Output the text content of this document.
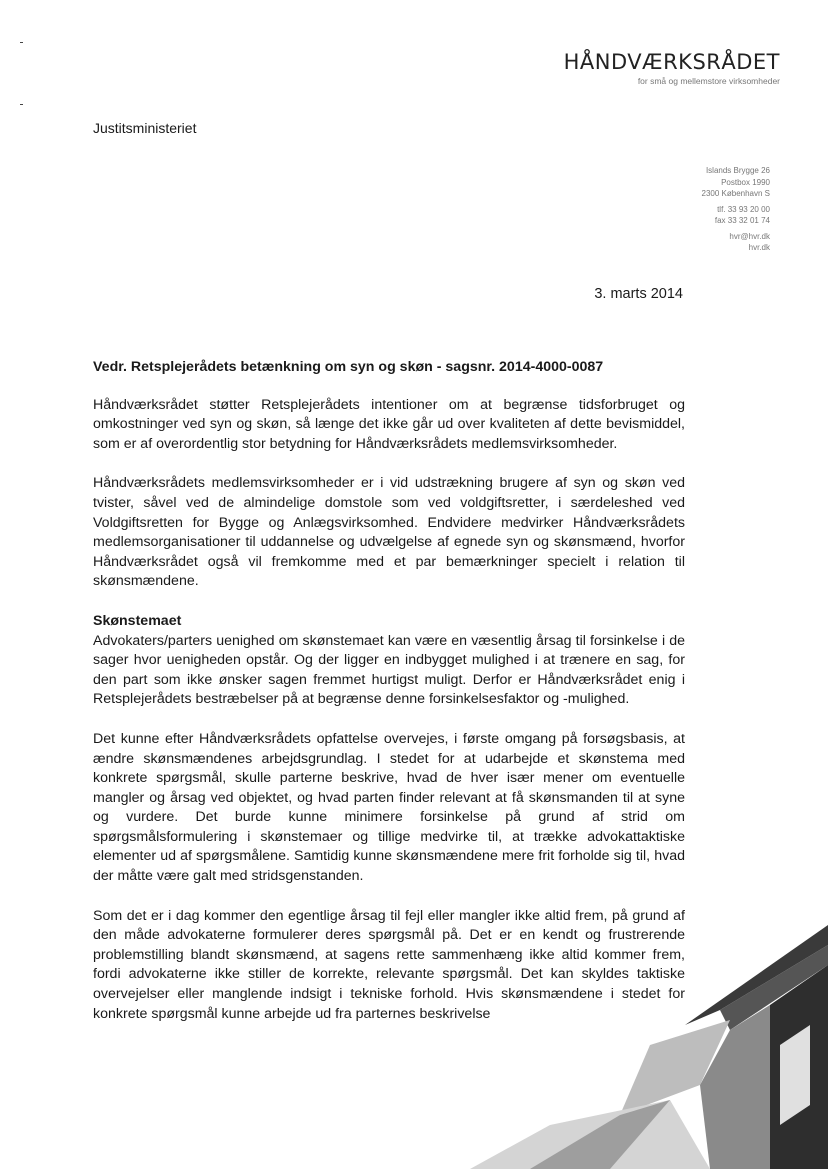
HÅNDVÆRKSRÅDET
for små og mellemstore virksomheder
Justitsministeriet
Islands Brygge 26
Postbox 1990
2300 København S
tlf. 33 93 20 00
fax 33 32 01 74
hvr@hvr.dk
hvr.dk
3. marts 2014
Vedr. Retsplejerådets betænkning om syn og skøn - sagsnr. 2014-4000-0087

Håndværksrådet støtter Retsplejerådets intentioner om at begrænse tidsforbruget og omkostninger ved syn og skøn, så længe det ikke går ud over kvaliteten af dette bevismiddel, som er af overordentlig stor betydning for Håndværksrådets medlemsvirksomheder.

Håndværksrådets medlemsvirksomheder er i vid udstrækning brugere af syn og skøn ved tvister, såvel ved de almindelige domstole som ved voldgiftsretter, i særdeleshed ved Voldgiftsretten for Bygge og Anlægsvirksomhed. Endvidere medvirker Håndværksrådets medlemsorganisationer til uddannelse og udvælgelse af egnede syn og skønsmænd, hvorfor Håndværksrådet også vil fremkomme med et par bemærkninger specielt i relation til skønsmændene.

Skønstemaet

Advokaters/parters uenighed om skønstemaet kan være en væsentlig årsag til forsinkelse i de sager hvor uenigheden opstår. Og der ligger en indbygget mulighed i at trænere en sag, for den part som ikke ønsker sagen fremmet hurtigst muligt. Derfor er Håndværksrådet enig i Retsplejerådets bestræbelser på at begrænse denne forsinkelsesfaktor og -mulighed.

Det kunne efter Håndværksrådets opfattelse overvejes, i første omgang på forsøgsbasis, at ændre skønsmændenes arbejdsgrundlag. I stedet for at udarbejde et skønstema med konkrete spørgsmål, skulle parterne beskrive, hvad de hver især mener om eventuelle mangler og årsag ved objektet, og hvad parten finder relevant at få skønsmanden til at syne og vurdere. Det burde kunne minimere forsinkelse på grund af strid om spørgsmålsformulering i skønstemaer og tillige medvirke til, at trække advokattaktiske elementer ud af spørgsmålene. Samtidig kunne skønsmændene mere frit forholde sig til, hvad der måtte være galt med stridsgenstanden.

Som det er i dag kommer den egentlige årsag til fejl eller mangler ikke altid frem, på grund af den måde advokaterne formulerer deres spørgsmål på. Det er en kendt og frustrerende problemstilling blandt skønsmænd, at sagens rette sammenhæng ikke altid kommer frem, fordi advokaterne ikke stiller de korrekte, relevante spørgsmål. Det kan skyldes taktiske overvejelser eller manglende indsigt i tekniske forhold. Hvis skønsmændene i stedet for konkrete spørgsmål kunne arbejde ud fra parternes beskrivelse
